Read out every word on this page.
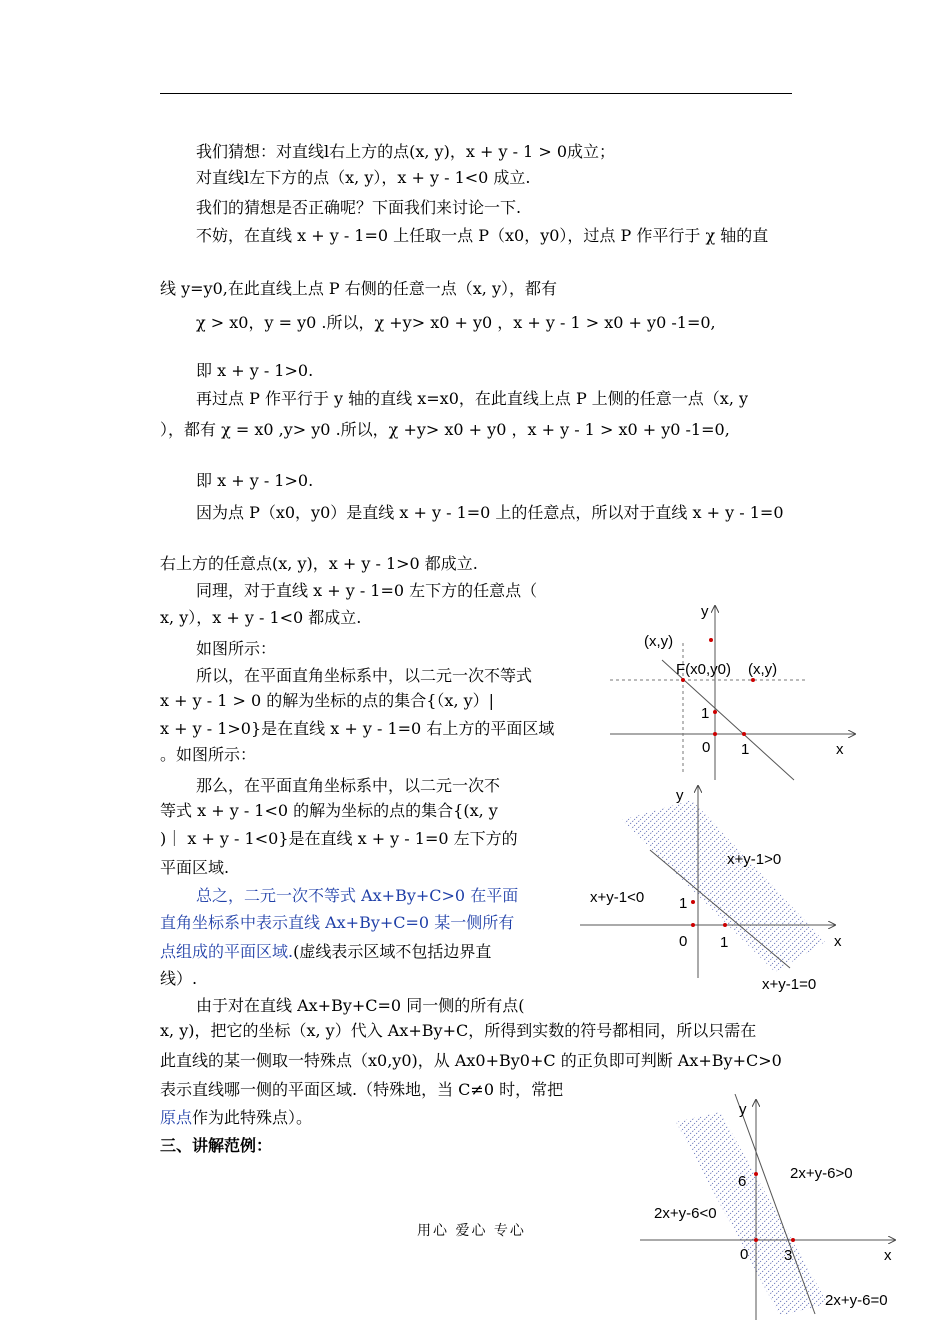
我们猜想：对直线l右上方的点(x, y)，x + y - 1 > 0成立；
对直线l左下方的点（x, y），x + y - 1<0 成立.
我们的猜想是否正确呢？下面我们来讨论一下.
不妨，在直线 x + y - 1=0 上任取一点 P（x0，y0），过点 P 作平行于 χ 轴的直
线 y=y0,在此直线上点 P 右侧的任意一点（x, y），都有
χ > x0，y = y0 .所以，χ +y> x0 + y0 ，x + y - 1 > x0 + y0 -1=0,
即 x + y - 1>0.
再过点 P 作平行于 y 轴的直线 x=x0，在此直线上点 P 上侧的任意一点（x, y
），都有 χ = x0 ,y> y0 .所以，χ +y> x0 + y0 ，x + y - 1 > x0 + y0 -1=0,
即 x + y - 1>0.
因为点 P（x0，y0）是直线 x + y - 1=0 上的任意点，所以对于直线 x + y - 1=0
右上方的任意点(x, y)，x + y - 1>0 都成立.
同理，对于直线 x + y - 1=0 左下方的任意点（
x, y），x + y - 1<0 都成立.
如图所示：
所以，在平面直角坐标系中，以二元一次不等式
x + y - 1 > 0 的解为坐标的点的集合{（x, y）|
x + y - 1>0}是在直线 x + y - 1=0 右上方的平面区域
。如图所示：
那么，在平面直角坐标系中，以二元一次不
等式 x + y - 1<0 的解为坐标的点的集合{(x, y
)｜ x + y - 1<0}是在直线 x + y - 1=0 左下方的
平面区域.
总之，二元一次不等式 Ax+By+C>0 在平面
直角坐标系中表示直线 Ax+By+C=0 某一侧所有
点组成的平面区域.(虚线表示区域不包括边界直
线）.
由于对在直线 Ax+By+C=0 同一侧的所有点(
x, y)，把它的坐标（x, y）代入 Ax+By+C，所得到实数的符号都相同，所以只需在
此直线的某一侧取一特殊点（x0,y0)，从 Ax0+By0+C 的正负即可判断 Ax+By+C>0
表示直线哪一侧的平面区域.（特殊地，当 C≠0 时，常把
原点作为此特殊点）。
三、讲解范例：
用心 爱心 专心
y
x
(x,y)
F(x0,y0) (x,y)
1
0 1
y
x
x+y-1>0
x+y-1<0 1
0 1
x+y-1=0
y
x
2x+y-6>0
2x+y-6<0
6
0 3
2x+y-6=0
